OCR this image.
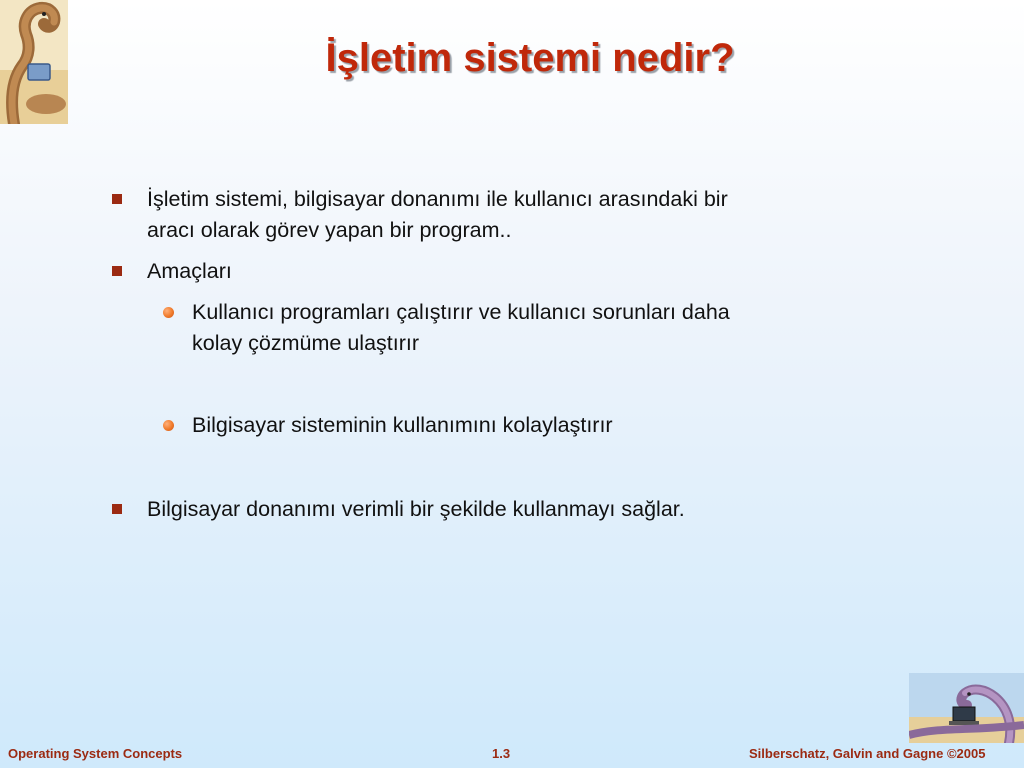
İşletim sistemi nedir?
İşletim sistemi, bilgisayar donanımı ile kullanıcı arasındaki bir
aracı olarak görev yapan bir program..
Amaçları
Kullanıcı programları çalıştırır ve kullanıcı sorunları daha
kolay çözmüme ulaştırır
Bilgisayar sisteminin kullanımını kolaylaştırır
Bilgisayar donanımı verimli bir şekilde kullanmayı sağlar.
Operating System Concepts	1.3	Silberschatz, Galvin and Gagne ©2005
